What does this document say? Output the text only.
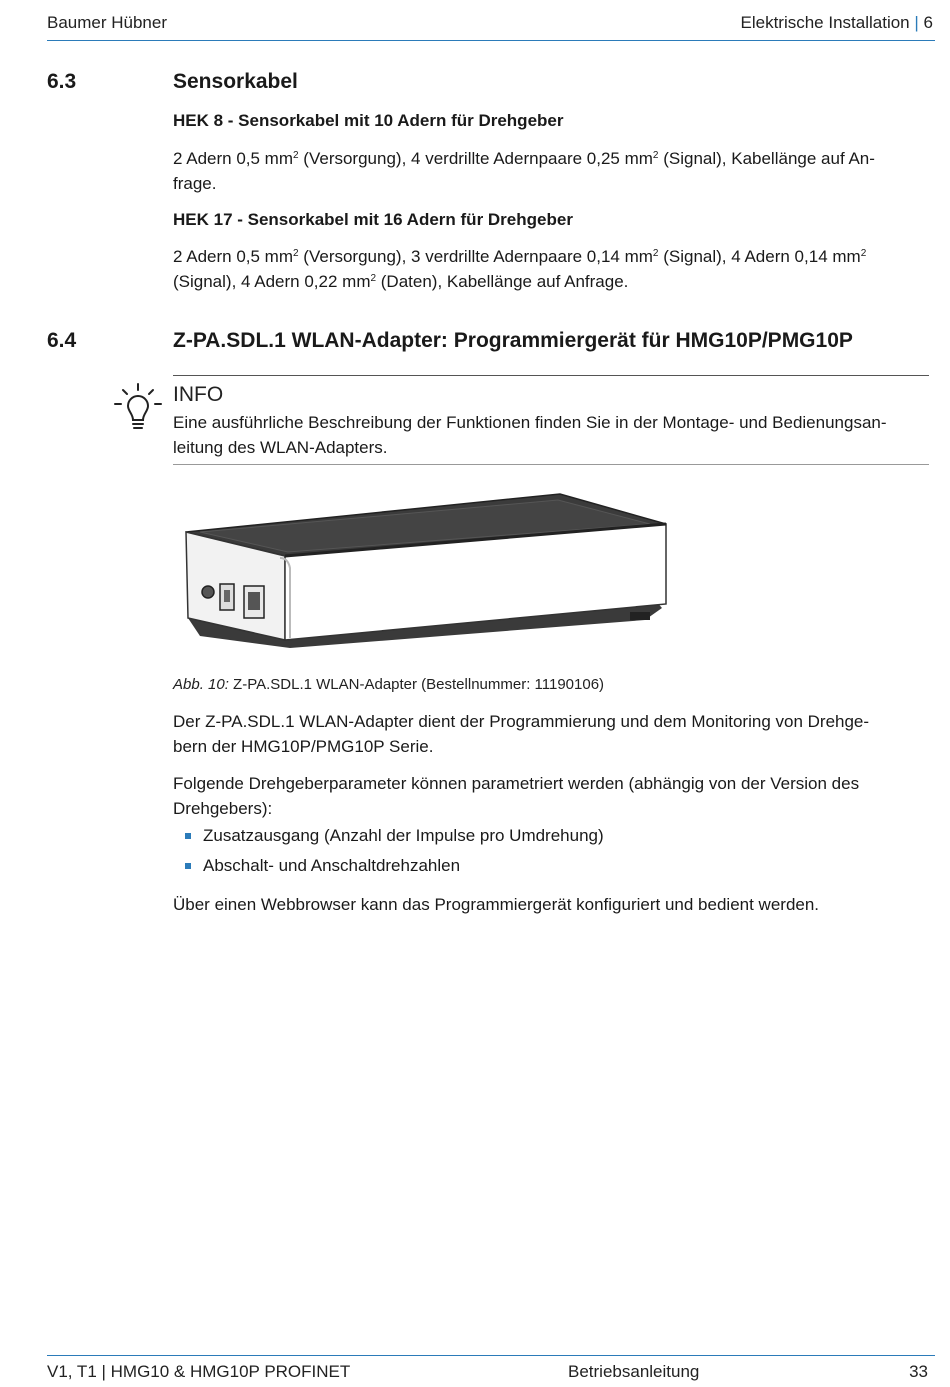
Baumer Hübner	Elektrische Installation | 6
6.3	Sensorkabel
HEK 8 - Sensorkabel mit 10 Adern für Drehgeber
2 Adern 0,5 $mm^2$ (Versorgung), 4 verdrillte Adernpaare 0,25 $mm^2$ (Signal), Kabellänge auf An-
frage.
HEK 17 - Sensorkabel mit 16 Adern für Drehgeber
2 Adern 0,5 $mm^2$ (Versorgung), 3 verdrillte Adernpaare 0,14 $mm^2$ (Signal), 4 Adern 0,14 $mm^2$
(Signal), 4 Adern 0,22 $mm^2$ (Daten), Kabellänge auf Anfrage.
6.4	Z-PA.SDL.1 WLAN-Adapter: Programmiergerät für HMG10P/PMG10P
INFO
Eine ausführliche Beschreibung der Funktionen finden Sie in der Montage- und Bedienungsan-
leitung des WLAN-Adapters.
Abb. 10: Z-PA.SDL.1 WLAN-Adapter (Bestellnummer: 11190106)
Der Z-PA.SDL.1 WLAN-Adapter dient der Programmierung und dem Monitoring von Drehge-
bern der HMG10P/PMG10P Serie.
Folgende Drehgeberparameter können parametriert werden (abhängig von der Version des
Drehgebers):
Zusatzausgang (Anzahl der Impulse pro Umdrehung)
Abschalt- und Anschaltdrehzahlen
Über einen Webbrowser kann das Programmiergerät konfiguriert und bedient werden.
V1, T1 | HMG10 & HMG10P PROFINET	Betriebsanleitung	33
